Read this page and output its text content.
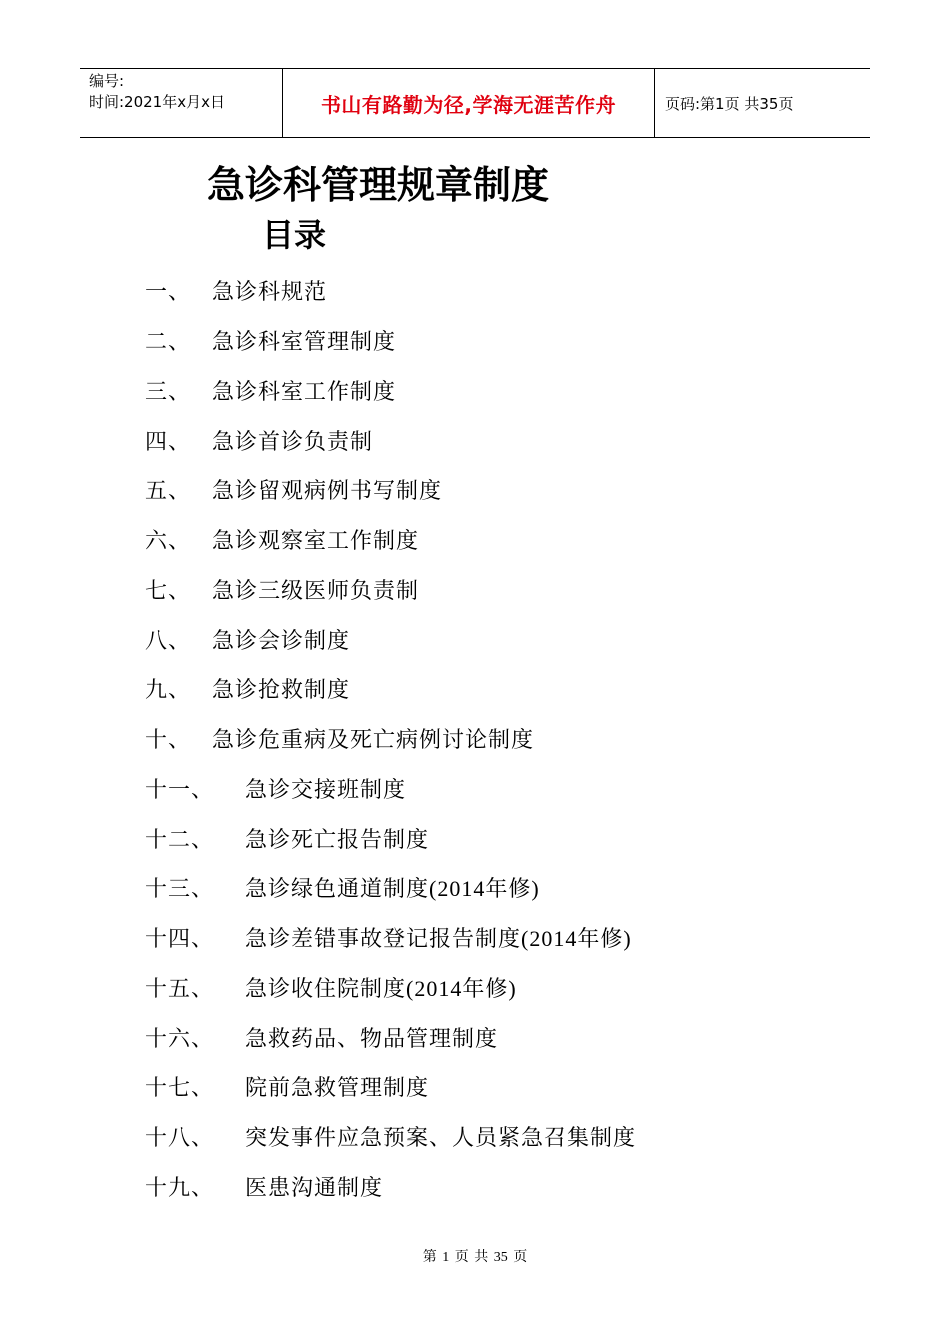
编号:
时间:2021年x月x日	书山有路勤为径,学海无涯苦作舟	页码:第1页 共35页
急诊科管理规章制度
目录
一、 急诊科规范
二、 急诊科室管理制度
三、 急诊科室工作制度
四、 急诊首诊负责制
五、 急诊留观病例书写制度
六、 急诊观察室工作制度
七、 急诊三级医师负责制
八、 急诊会诊制度
九、 急诊抢救制度
十、 急诊危重病及死亡病例讨论制度
十一、	急诊交接班制度
十二、	急诊死亡报告制度
十三、	急诊绿色通道制度(2014年修)
十四、	急诊差错事故登记报告制度(2014年修)
十五、	急诊收住院制度(2014年修)
十六、	急救药品、物品管理制度
十七、	院前急救管理制度
十八、	突发事件应急预案、人员紧急召集制度
十九、	医患沟通制度
第 1 页 共 35 页
